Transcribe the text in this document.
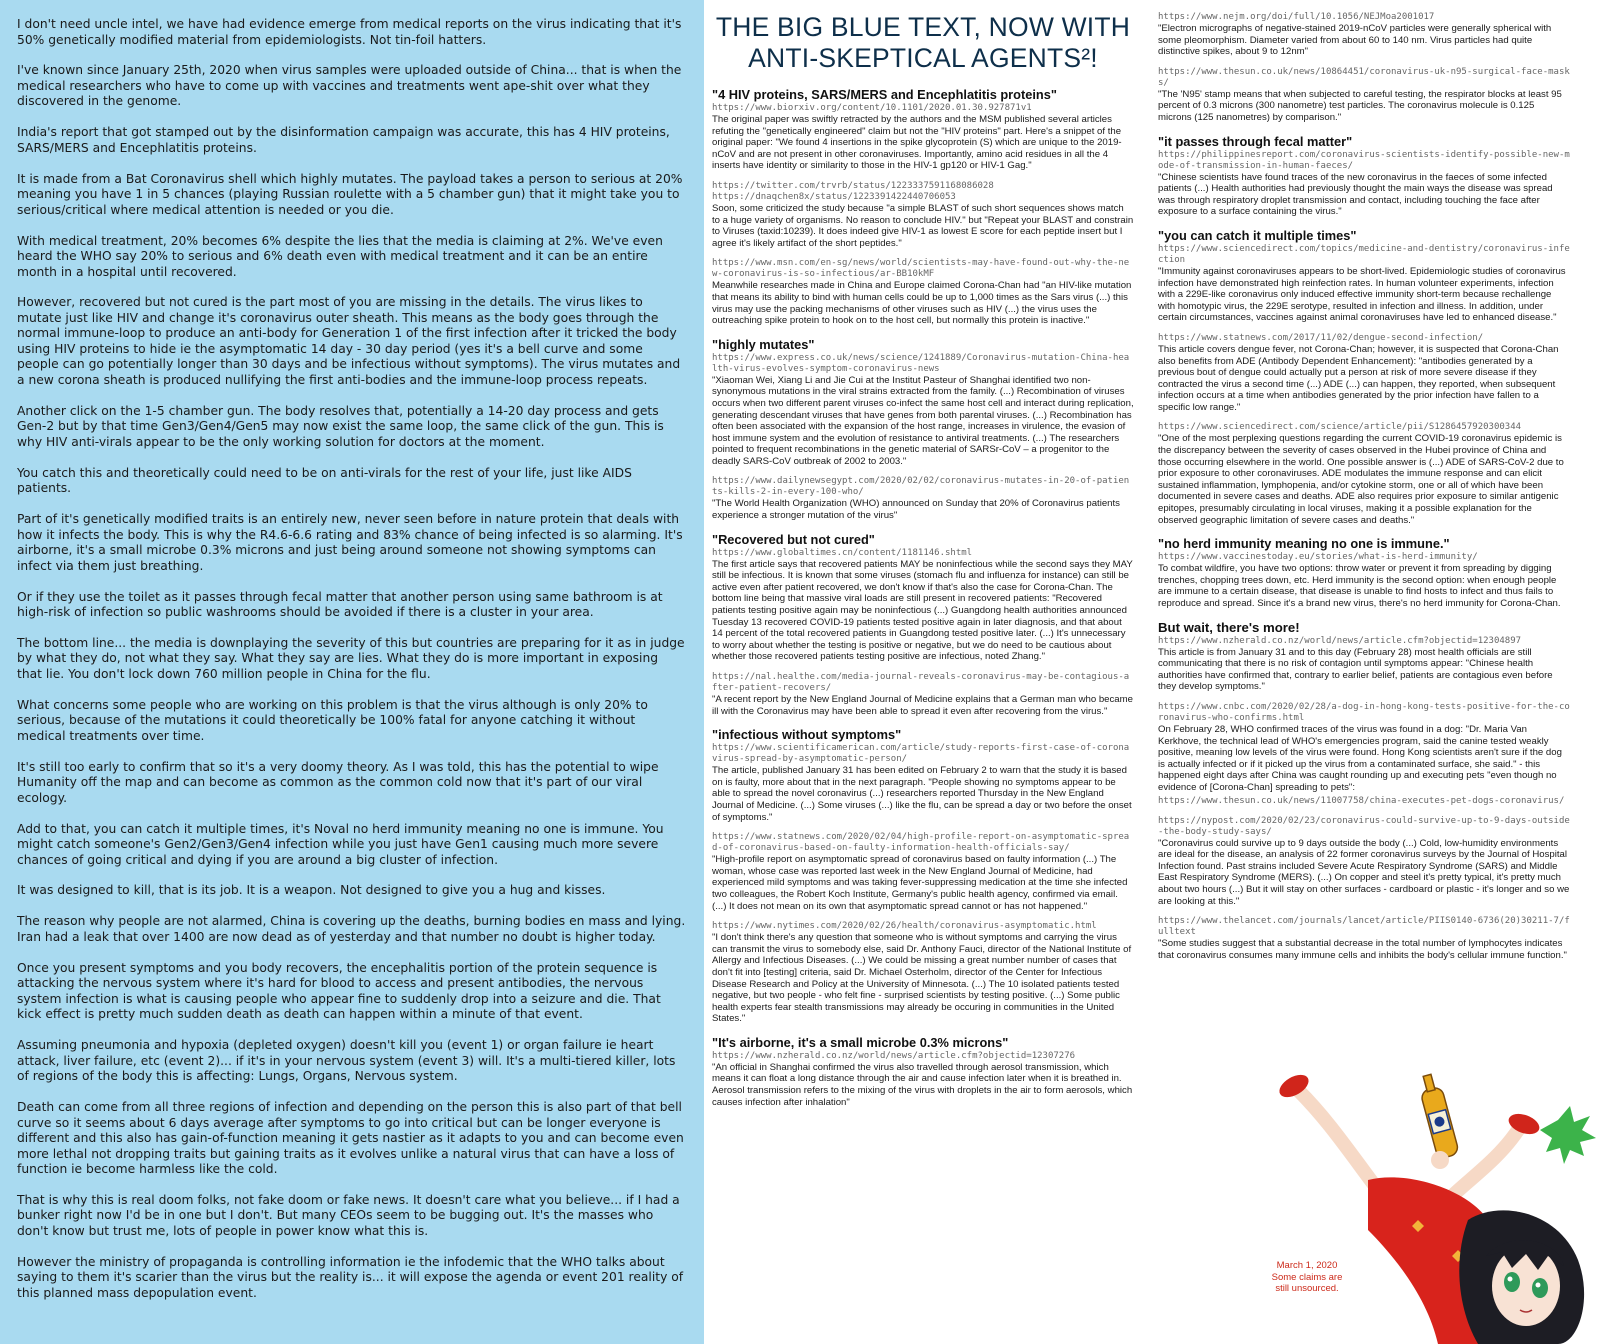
I don't need uncle intel, we have had evidence emerge from medical reports on the virus indicating that it's 50% genetically modified material from epidemiologists. Not tin-foil hatters.

I've known since January 25th, 2020 when virus samples were uploaded outside of China... that is when the medical researchers who have to come up with vaccines and treatments went ape-shit over what they discovered in the genome.

India's report that got stamped out by the disinformation campaign was accurate, this has 4 HIV proteins, SARS/MERS and Encephlatitis proteins.

It is made from a Bat Coronavirus shell which highly mutates. The payload takes a person to serious at 20% meaning you have 1 in 5 chances (playing Russian roulette with a 5 chamber gun) that it might take you to serious/critical where medical attention is needed or you die.

With medical treatment, 20% becomes 6% despite the lies that the media is claiming at 2%. We've even heard the WHO say 20% to serious and 6% death even with medical treatment and it can be an entire month in a hospital until recovered.

However, recovered but not cured is the part most of you are missing in the details. The virus likes to mutate just like HIV and change it's coronavirus outer sheath. This means as the body goes through the normal immune-loop to produce an anti-body for Generation 1 of the first infection after it tricked the body using HIV proteins to hide ie the asymptomatic 14 day - 30 day period (yes it's a bell curve and some people can go potentially longer than 30 days and be infectious without symptoms). The virus mutates and a new corona sheath is produced nullifying the first anti-bodies and the immune-loop process repeats.

Another click on the 1-5 chamber gun. The body resolves that, potentially a 14-20 day process and gets Gen-2 but by that time Gen3/Gen4/Gen5 may now exist the same loop, the same click of the gun. This is why HIV anti-virals appear to be the only working solution for doctors at the moment.

You catch this and theoretically could need to be on anti-virals for the rest of your life, just like AIDS patients.

Part of it's genetically modified traits is an entirely new, never seen before in nature protein that deals with how it infects the body. This is why the R4.6-6.6 rating and 83% chance of being infected is so alarming. It's airborne, it's a small microbe 0.3% microns and just being around someone not showing symptoms can infect via them just breathing.

Or if they use the toilet as it passes through fecal matter that another person using same bathroom is at high-risk of infection so public washrooms should be avoided if there is a cluster in your area.

The bottom line... the media is downplaying the severity of this but countries are preparing for it as in judge by what they do, not what they say. What they say are lies. What they do is more important in exposing that lie. You don't lock down 760 million people in China for the flu.

What concerns some people who are working on this problem is that the virus although is only 20% to serious, because of the mutations it could theoretically be 100% fatal for anyone catching it without medical treatments over time.

It's still too early to confirm that so it's a very doomy theory. As I was told, this has the potential to wipe Humanity off the map and can become as common as the common cold now that it's part of our viral ecology.

Add to that, you can catch it multiple times, it's Noval no herd immunity meaning no one is immune. You might catch someone's Gen2/Gen3/Gen4 infection while you just have Gen1 causing much more severe chances of going critical and dying if you are around a big cluster of infection.

It was designed to kill, that is its job. It is a weapon. Not designed to give you a hug and kisses.

The reason why people are not alarmed, China is covering up the deaths, burning bodies en mass and lying. Iran had a leak that over 1400 are now dead as of yesterday and that number no doubt is higher today.

Once you present symptoms and you body recovers, the encephalitis portion of the protein sequence is attacking the nervous system where it's hard for blood to access and present antibodies, the nervous system infection is what is causing people who appear fine to suddenly drop into a seizure and die. That kick effect is pretty much sudden death as death can happen within a minute of that event.

Assuming pneumonia and hypoxia (depleted oxygen) doesn't kill you (event 1) or organ failure ie heart attack, liver failure, etc (event 2)... if it's in your nervous system (event 3) will. It's a multi-tiered killer, lots of regions of the body this is affecting: Lungs, Organs, Nervous system.

Death can come from all three regions of infection and depending on the person this is also part of that bell curve so it seems about 6 days average after symptoms to go into critical but can be longer everyone is different and this also has gain-of-function meaning it gets nastier as it adapts to you and can become even more lethal not dropping traits but gaining traits as it evolves unlike a natural virus that can have a loss of function ie become harmless like the cold.

That is why this is real doom folks, not fake doom or fake news. It doesn't care what you believe... if I had a bunker right now I'd be in one but I don't. But many CEOs seem to be bugging out. It's the masses who don't know but trust me, lots of people in power know what this is.

However the ministry of propaganda is controlling information ie the infodemic that the WHO talks about saying to them it's scarier than the virus but the reality is... it will expose the agenda or event 201 reality of this planned mass depopulation event.

THE BIG BLUE TEXT, NOW WITH
ANTI-SKEPTICAL AGENTS²!
"4 HIV proteins, SARS/MERS and Encephlatitis proteins"
https://www.biorxiv.org/content/10.1101/2020.01.30.927871v1
The original paper was swiftly retracted by the authors and the MSM published several articles refuting the "genetically engineered" claim but not the "HIV proteins" part. Here's a snippet of the original paper: "We found 4 insertions in the spike glycoprotein (S) which are unique to the 2019-nCoV and are not present in other coronaviruses. Importantly, amino acid residues in all the 4 inserts have identity or similarity to those in the HIV-1 gp120 or HIV-1 Gag."
https://twitter.com/trvrb/status/1223337591168086028
https://dnaqchen8x/status/1223391422440706053
Soon, some criticized the study because "a simple BLAST of such short sequences shows match to a huge variety of organisms. No reason to conclude HIV." but "Repeat your BLAST and constrain to Viruses (taxid:10239). It does indeed give HIV-1 as lowest E score for each peptide insert but I agree it's likely artifact of the short peptides."
https://www.msn.com/en-sg/news/world/scientists-may-have-found-out-why-the-new-coronavirus-is-so-infectious/ar-BB10kMF
Meanwhile researches made in China and Europe claimed Corona-Chan had "an HIV-like mutation that means its ability to bind with human cells could be up to 1,000 times as the Sars virus (...) this virus may use the packing mechanisms of other viruses such as HIV (...) the virus uses the outreaching spike protein to hook on to the host cell, but normally this protein is inactive."
"highly mutates"
https://www.express.co.uk/news/science/1241889/Coronavirus-mutation-China-health-virus-evolves-symptom-coronavirus-news
"Xiaoman Wei, Xiang Li and Jie Cui at the Institut Pasteur of Shanghai identified two non-synonymous mutations in the viral strains extracted from the family. (...) Recombination of viruses occurs when two different parent viruses co-infect the same host cell and interact during replication, generating descendant viruses that have genes from both parental viruses. (...) Recombination has often been associated with the expansion of the host range, increases in virulence, the evasion of host immune system and the evolution of resistance to antiviral treatments. (...) The researchers pointed to frequent recombinations in the genetic material of SARSr-CoV – a progenitor to the deadly SARS-CoV outbreak of 2002 to 2003."
https://www.dailynewsegypt.com/2020/02/02/coronavirus-mutates-in-20-of-patients-kills-2-in-every-100-who/
"The World Health Organization (WHO) announced on Sunday that 20% of Coronavirus patients experience a stronger mutation of the virus"
"Recovered but not cured"
https://www.globaltimes.cn/content/1181146.shtml
The first article says that recovered patients MAY be noninfectious while the second says they MAY still be infectious. It is known that some viruses (stomach flu and influenza for instance) can still be active even after patient recovered, we don't know if that's also the case for Corona-Chan. The bottom line being that massive viral loads are still present in recovered patients: "Recovered patients testing positive again may be noninfectious (...) Guangdong health authorities announced Tuesday 13 recovered COVID-19 patients tested positive again in later diagnosis, and that about 14 percent of the total recovered patients in Guangdong tested positive later. (...) It's unnecessary to worry about whether the testing is positive or negative, but we do need to be cautious about whether those recovered patients testing positive are infectious, noted Zhang."
https://nal.healthe.com/media-journal-reveals-coronavirus-may-be-contagious-after-patient-recovers/
"A recent report by the New England Journal of Medicine explains that a German man who became ill with the Coronavirus may have been able to spread it even after recovering from the virus."
"infectious without symptoms"
https://www.scientificamerican.com/article/study-reports-first-case-of-coronavirus-spread-by-asymptomatic-person/
The article, published January 31 has been edited on February 2 to warn that the study it is based on is faulty, more about that in the next paragraph. "People showing no symptoms appear to be able to spread the novel coronavirus (...) researchers reported Thursday in the New England Journal of Medicine. (...) Some viruses (...) like the flu, can be spread a day or two before the onset of symptoms."
https://www.statnews.com/2020/02/04/high-profile-report-on-asymptomatic-spread-of-coronavirus-based-on-faulty-information-health-officials-say/
"High-profile report on asymptomatic spread of coronavirus based on faulty information (...) The woman, whose case was reported last week in the New England Journal of Medicine, had experienced mild symptoms and was taking fever-suppressing medication at the time she infected two colleagues, the Robert Koch Institute, Germany's public health agency, confirmed via email. (...) It does not mean on its own that asymptomatic spread cannot or has not happened."
https://www.nytimes.com/2020/02/26/health/coronavirus-asymptomatic.html
"I don't think there's any question that someone who is without symptoms and carrying the virus can transmit the virus to somebody else, said Dr. Anthony Fauci, director of the National Institute of Allergy and Infectious Diseases. (...) We could be missing a great number number of cases that don't fit into [testing] criteria, said Dr. Michael Osterholm, director of the Center for Infectious Disease Research and Policy at the University of Minnesota. (...) The 10 isolated patients tested negative, but two people - who felt fine - surprised scientists by testing positive. (...) Some public health experts fear stealth transmissions may already be occuring in communities in the United States."
"It's airborne, it's a small microbe 0.3% microns"
https://www.nzherald.co.nz/world/news/article.cfm?objectid=12307276
"An official in Shanghai confirmed the virus also travelled through aerosol transmission, which means it can float a long distance through the air and cause infection later when it is breathed in. Aerosol transmission refers to the mixing of the virus with droplets in the air to form aerosols, which causes infection after inhalation"
https://www.nejm.org/doi/full/10.1056/NEJMoa2001017
"Electron micrographs of negative-stained 2019-nCoV particles were generally spherical with some pleomorphism. Diameter varied from about 60 to 140 nm. Virus particles had quite distinctive spikes, about 9 to 12nm"
https://www.thesun.co.uk/news/10864451/coronavirus-uk-n95-surgical-face-masks/
"The 'N95' stamp means that when subjected to careful testing, the respirator blocks at least 95 percent of 0.3 microns (300 nanometre) test particles. The coronavirus molecule is 0.125 microns (125 nanometres) by comparison."
"it passes through fecal matter"
https://philippinesreport.com/coronavirus-scientists-identify-possible-new-mode-of-transmission-in-human-faeces/
"Chinese scientists have found traces of the new coronavirus in the faeces of some infected patients (...) Health authorities had previously thought the main ways the disease was spread was through respiratory droplet transmission and contact, including touching the face after exposure to a surface containing the virus."
"you can catch it multiple times"
https://www.sciencedirect.com/topics/medicine-and-dentistry/coronavirus-infection
"Immunity against coronaviruses appears to be short-lived. Epidemiologic studies of coronavirus infection have demonstrated high reinfection rates. In human volunteer experiments, infection with a 229E-like coronavirus only induced effective immunity short-term because rechallenge with homotypic virus, the 229E serotype, resulted in infection and illness. In addition, under certain circumstances, vaccines against animal coronaviruses have led to enhanced disease."
https://www.statnews.com/2017/11/02/dengue-second-infection/
This article covers dengue fever, not Corona-Chan; however, it is suspected that Corona-Chan also benefits from ADE (Antibody Dependent Enhancement): "antibodies generated by a previous bout of dengue could actually put a person at risk of more severe disease if they contracted the virus a second time (...) ADE (...) can happen, they reported, when subsequent infection occurs at a time when antibodies generated by the prior infection have fallen to a specific low range."
https://www.sciencedirect.com/science/article/pii/S1286457920300344
"One of the most perplexing questions regarding the current COVID-19 coronavirus epidemic is the discrepancy between the severity of cases observed in the Hubei province of China and those occurring elsewhere in the world. One possible answer is (...) ADE of SARS-CoV-2 due to prior exposure to other coronaviruses. ADE modulates the immune response and can elicit sustained inflammation, lymphopenia, and/or cytokine storm, one or all of which have been documented in severe cases and deaths. ADE also requires prior exposure to similar antigenic epitopes, presumably circulating in local viruses, making it a possible explanation for the observed geographic limitation of severe cases and deaths."
"no herd immunity meaning no one is immune."
https://www.vaccinestoday.eu/stories/what-is-herd-immunity/
To combat wildfire, you have two options: throw water or prevent it from spreading by digging trenches, chopping trees down, etc. Herd immunity is the second option: when enough people are immune to a certain disease, that disease is unable to find hosts to infect and thus fails to reproduce and spread. Since it's a brand new virus, there's no herd immunity for Corona-Chan.
But wait, there's more!
https://www.nzherald.co.nz/world/news/article.cfm?objectid=12304897
This article is from January 31 and to this day (February 28) most health officials are still communicating that there is no risk of contagion until symptoms appear: "Chinese health authorities have confirmed that, contrary to earlier belief, patients are contagious even before they develop symptoms."
https://www.cnbc.com/2020/02/28/a-dog-in-hong-kong-tests-positive-for-the-coronavirus-who-confirms.html
On February 28, WHO confirmed traces of the virus was found in a dog: "Dr. Maria Van Kerkhove, the technical lead of WHO's emergencies program, said the canine tested weakly positive, meaning low levels of the virus were found. Hong Kong scientists aren't sure if the dog is actually infected or if it picked up the virus from a contaminated surface, she said." - this happened eight days after China was caught rounding up and executing pets "even though no evidence of [Corona-Chan] spreading to pets":
https://www.thesun.co.uk/news/11007758/china-executes-pet-dogs-coronavirus/
https://nypost.com/2020/02/23/coronavirus-could-survive-up-to-9-days-outside-the-body-study-says/
"Coronavirus could survive up to 9 days outside the body (...) Cold, low-humidity environments are ideal for the disease, an analysis of 22 former coronavirus surveys by the Journal of Hospital Infection found. Past strains included Severe Acute Respiratory Syndrome (SARS) and Middle East Respiratory Syndrome (MERS). (...) On copper and steel it's pretty typical, it's pretty much about two hours (...) But it will stay on other surfaces - cardboard or plastic - it's longer and so we are looking at this."
https://www.thelancet.com/journals/lancet/article/PIIS0140-6736(20)30211-7/fulltext
"Some studies suggest that a substantial decrease in the total number of lymphocytes indicates that coronavirus consumes many immune cells and inhibits the body's cellular immune function."
March 1, 2020
Some claims are
still unsourced.
